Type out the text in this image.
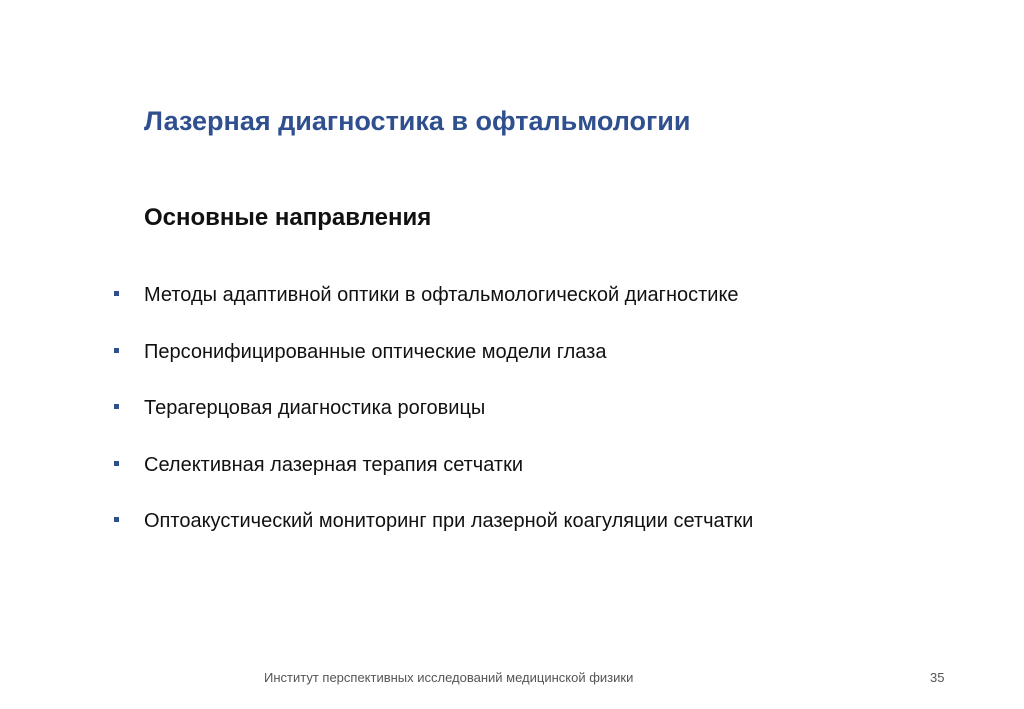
Лазерная диагностика в офтальмологии
Основные направления
Методы адаптивной оптики в офтальмологической диагностике
Персонифицированные оптические модели глаза
Терагерцовая диагностика роговицы
Селективная лазерная терапия сетчатки
Оптоакустический мониторинг при лазерной коагуляции сетчатки
Институт перспективных исследований медицинской физики	35
